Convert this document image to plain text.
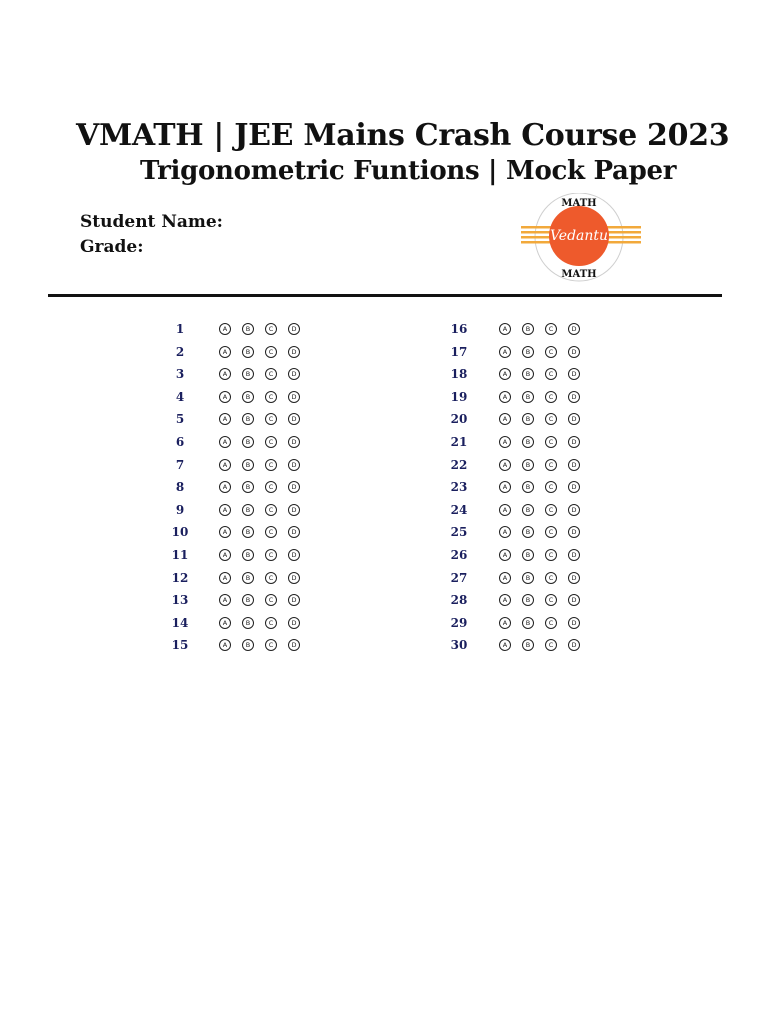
VMATH | JEE Mains Crash Course 2023
Trigonometric Funtions | Mock Paper
Student Name:
Grade:
MATH
Vedantu
MATH
1	A	B	C	D
2	A	B	C	D
3	A	B	C	D
4	A	B	C	D
5	A	B	C	D
6	A	B	C	D
7	A	B	C	D
8	A	B	C	D
9	A	B	C	D
10	A	B	C	D
11	A	B	C	D
12	A	B	C	D
13	A	B	C	D
14	A	B	C	D
15	A	B	C	D
16	A	B	C	D
17	A	B	C	D
18	A	B	C	D
19	A	B	C	D
20	A	B	C	D
21	A	B	C	D
22	A	B	C	D
23	A	B	C	D
24	A	B	C	D
25	A	B	C	D
26	A	B	C	D
27	A	B	C	D
28	A	B	C	D
29	A	B	C	D
30	A	B	C	D
